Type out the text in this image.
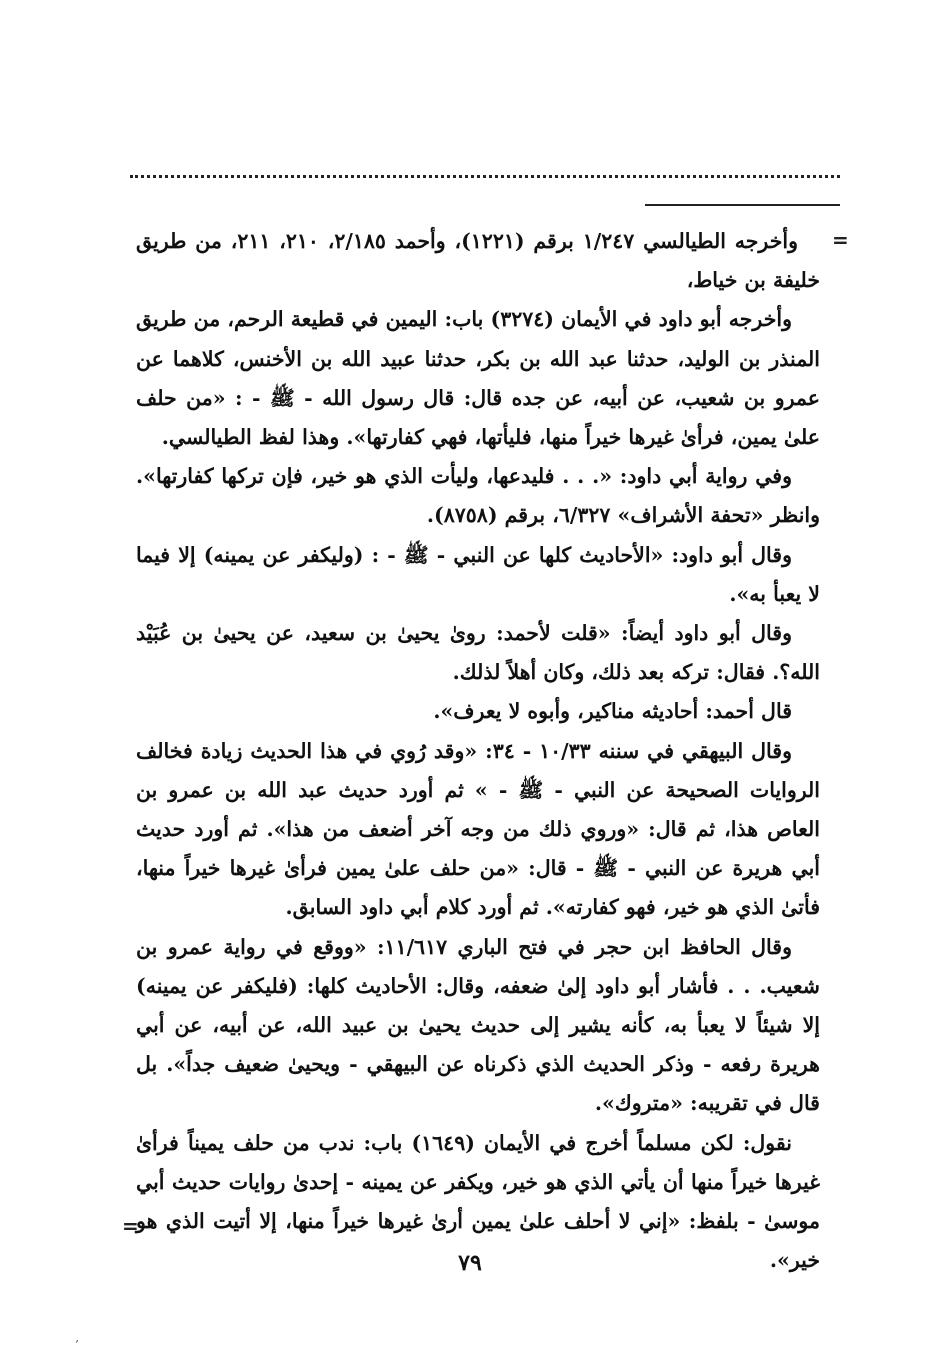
=

وأخرجه الطيالسي ١/٢٤٧ برقم (١٢٢١)، وأحمد ٢/١٨٥، ٢١٠، ٢١١، من طريق خليفة بن خياط،

وأخرجه أبو داود في الأيمان (٣٢٧٤) باب: اليمين في قطيعة الرحم، من طريق المنذر بن الوليد، حدثنا عبد الله بن بكر، حدثنا عبيد الله بن الأخنس، كلاهما عن عمرو بن شعيب، عن أبيه، عن جده قال: قال رسول الله - ﷺ - : «من حلف علىٰ يمين، فرأىٰ غيرها خيراً منها، فليأتها، فهي كفارتها». وهذا لفظ الطيالسي.

وفي رواية أبي داود: «. . . فليدعها، وليأت الذي هو خير، فإن تركها كفارتها». وانظر «تحفة الأشراف» ٦/٣٢٧، برقم (٨٧٥٨).

وقال أبو داود: «الأحاديث كلها عن النبي - ﷺ - : (وليكفر عن يمينه) إلا فيما لا يعبأ به».

وقال أبو داود أيضاً: «قلت لأحمد: روىٰ يحيىٰ بن سعيد، عن يحيىٰ بن عُبَيْد الله؟. فقال: تركه بعد ذلك، وكان أهلاً لذلك.

قال أحمد: أحاديثه مناكير، وأبوه لا يعرف».

وقال البيهقي في سننه ١٠/٣٣ - ٣٤: «وقد رُوي في هذا الحديث زيادة فخالف الروايات الصحيحة عن النبي - ﷺ - » ثم أورد حديث عبد الله بن عمرو بن العاص هذا، ثم قال: «وروي ذلك من وجه آخر أضعف من هذا». ثم أورد حديث أبي هريرة عن النبي - ﷺ - قال: «من حلف علىٰ يمين فرأىٰ غيرها خيراً منها، فأتىٰ الذي هو خير، فهو كفارته». ثم أورد كلام أبي داود السابق.

وقال الحافظ ابن حجر في فتح الباري ١١/٦١٧: «ووقع في رواية عمرو بن شعيب. . . فأشار أبو داود إلىٰ ضعفه، وقال: الأحاديث كلها: (فليكفر عن يمينه) إلا شيئاً لا يعبأ به، كأنه يشير إلى حديث يحيىٰ بن عبيد الله، عن أبيه، عن أبي هريرة رفعه - وذكر الحديث الذي ذكرناه عن البيهقي - ويحيىٰ ضعيف جداً». بل قال في تقريبه: «متروك».

نقول: لكن مسلماً أخرج في الأيمان (١٦٤٩) باب: ندب من حلف يميناً فرأىٰ غيرها خيراً منها أن يأتي الذي هو خير، ويكفر عن يمينه - إحدىٰ روايات حديث أبي موسىٰ - بلفظ: «إني لا أحلف علىٰ يمين أرىٰ غيرها خيراً منها، إلا أتيت الذي هو خير».

=
٧٩
’
